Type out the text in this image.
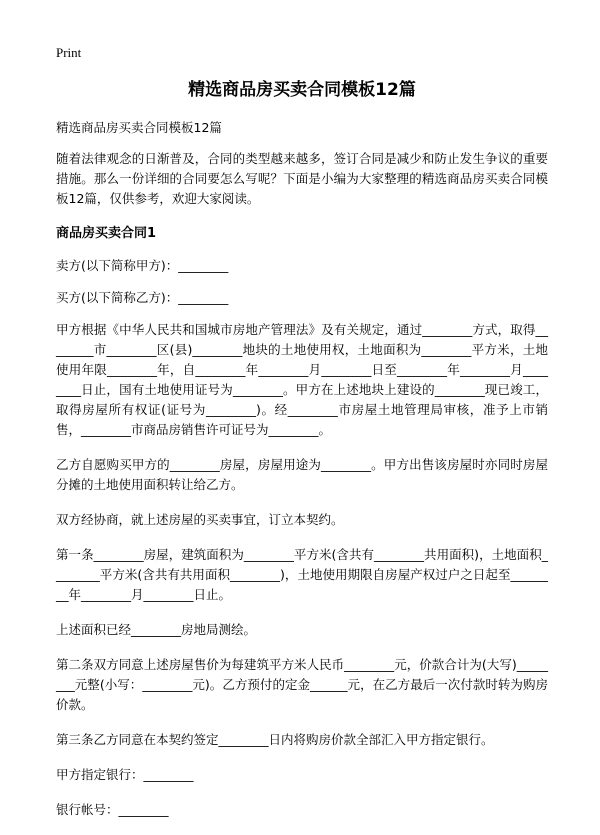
Print
精选商品房买卖合同模板12篇
精选商品房买卖合同模板12篇
随着法律观念的日渐普及，合同的类型越来越多，签订合同是减少和防止发生争议的重要措施。那么一份详细的合同要怎么写呢？下面是小编为大家整理的精选商品房买卖合同模板12篇，仅供参考，欢迎大家阅读。
商品房买卖合同1
卖方(以下简称甲方)：________
买方(以下简称乙方)：________
甲方根据《中华人民共和国城市房地产管理法》及有关规定，通过________方式，取得________市________区(县)________地块的土地使用权，土地面积为________平方米，土地使用年限________年，自________年________月________日至________年________月________日止，国有土地使用证号为________。甲方在上述地块上建设的________现已竣工，取得房屋所有权证(证号为________)。经________市房屋土地管理局审核，准予上市销售，________市商品房销售许可证号为________。
乙方自愿购买甲方的________房屋，房屋用途为________。甲方出售该房屋时亦同时房屋分摊的土地使用面积转让给乙方。
双方经协商，就上述房屋的买卖事宜，订立本契约。
第一条________房屋，建筑面积为________平方米(含共有________共用面积)，土地面积________平方米(含共有共用面积________)，土地使用期限自房屋产权过户之日起至________年________月________日止。
上述面积已经________房地局测绘。
第二条双方同意上述房屋售价为每建筑平方米人民币________元，价款合计为(大写)________元整(小写：________元)。乙方预付的定金______元，在乙方最后一次付款时转为购房价款。
第三条乙方同意在本契约签定________日内将购房价款全部汇入甲方指定银行。
甲方指定银行：________
银行帐号：________
